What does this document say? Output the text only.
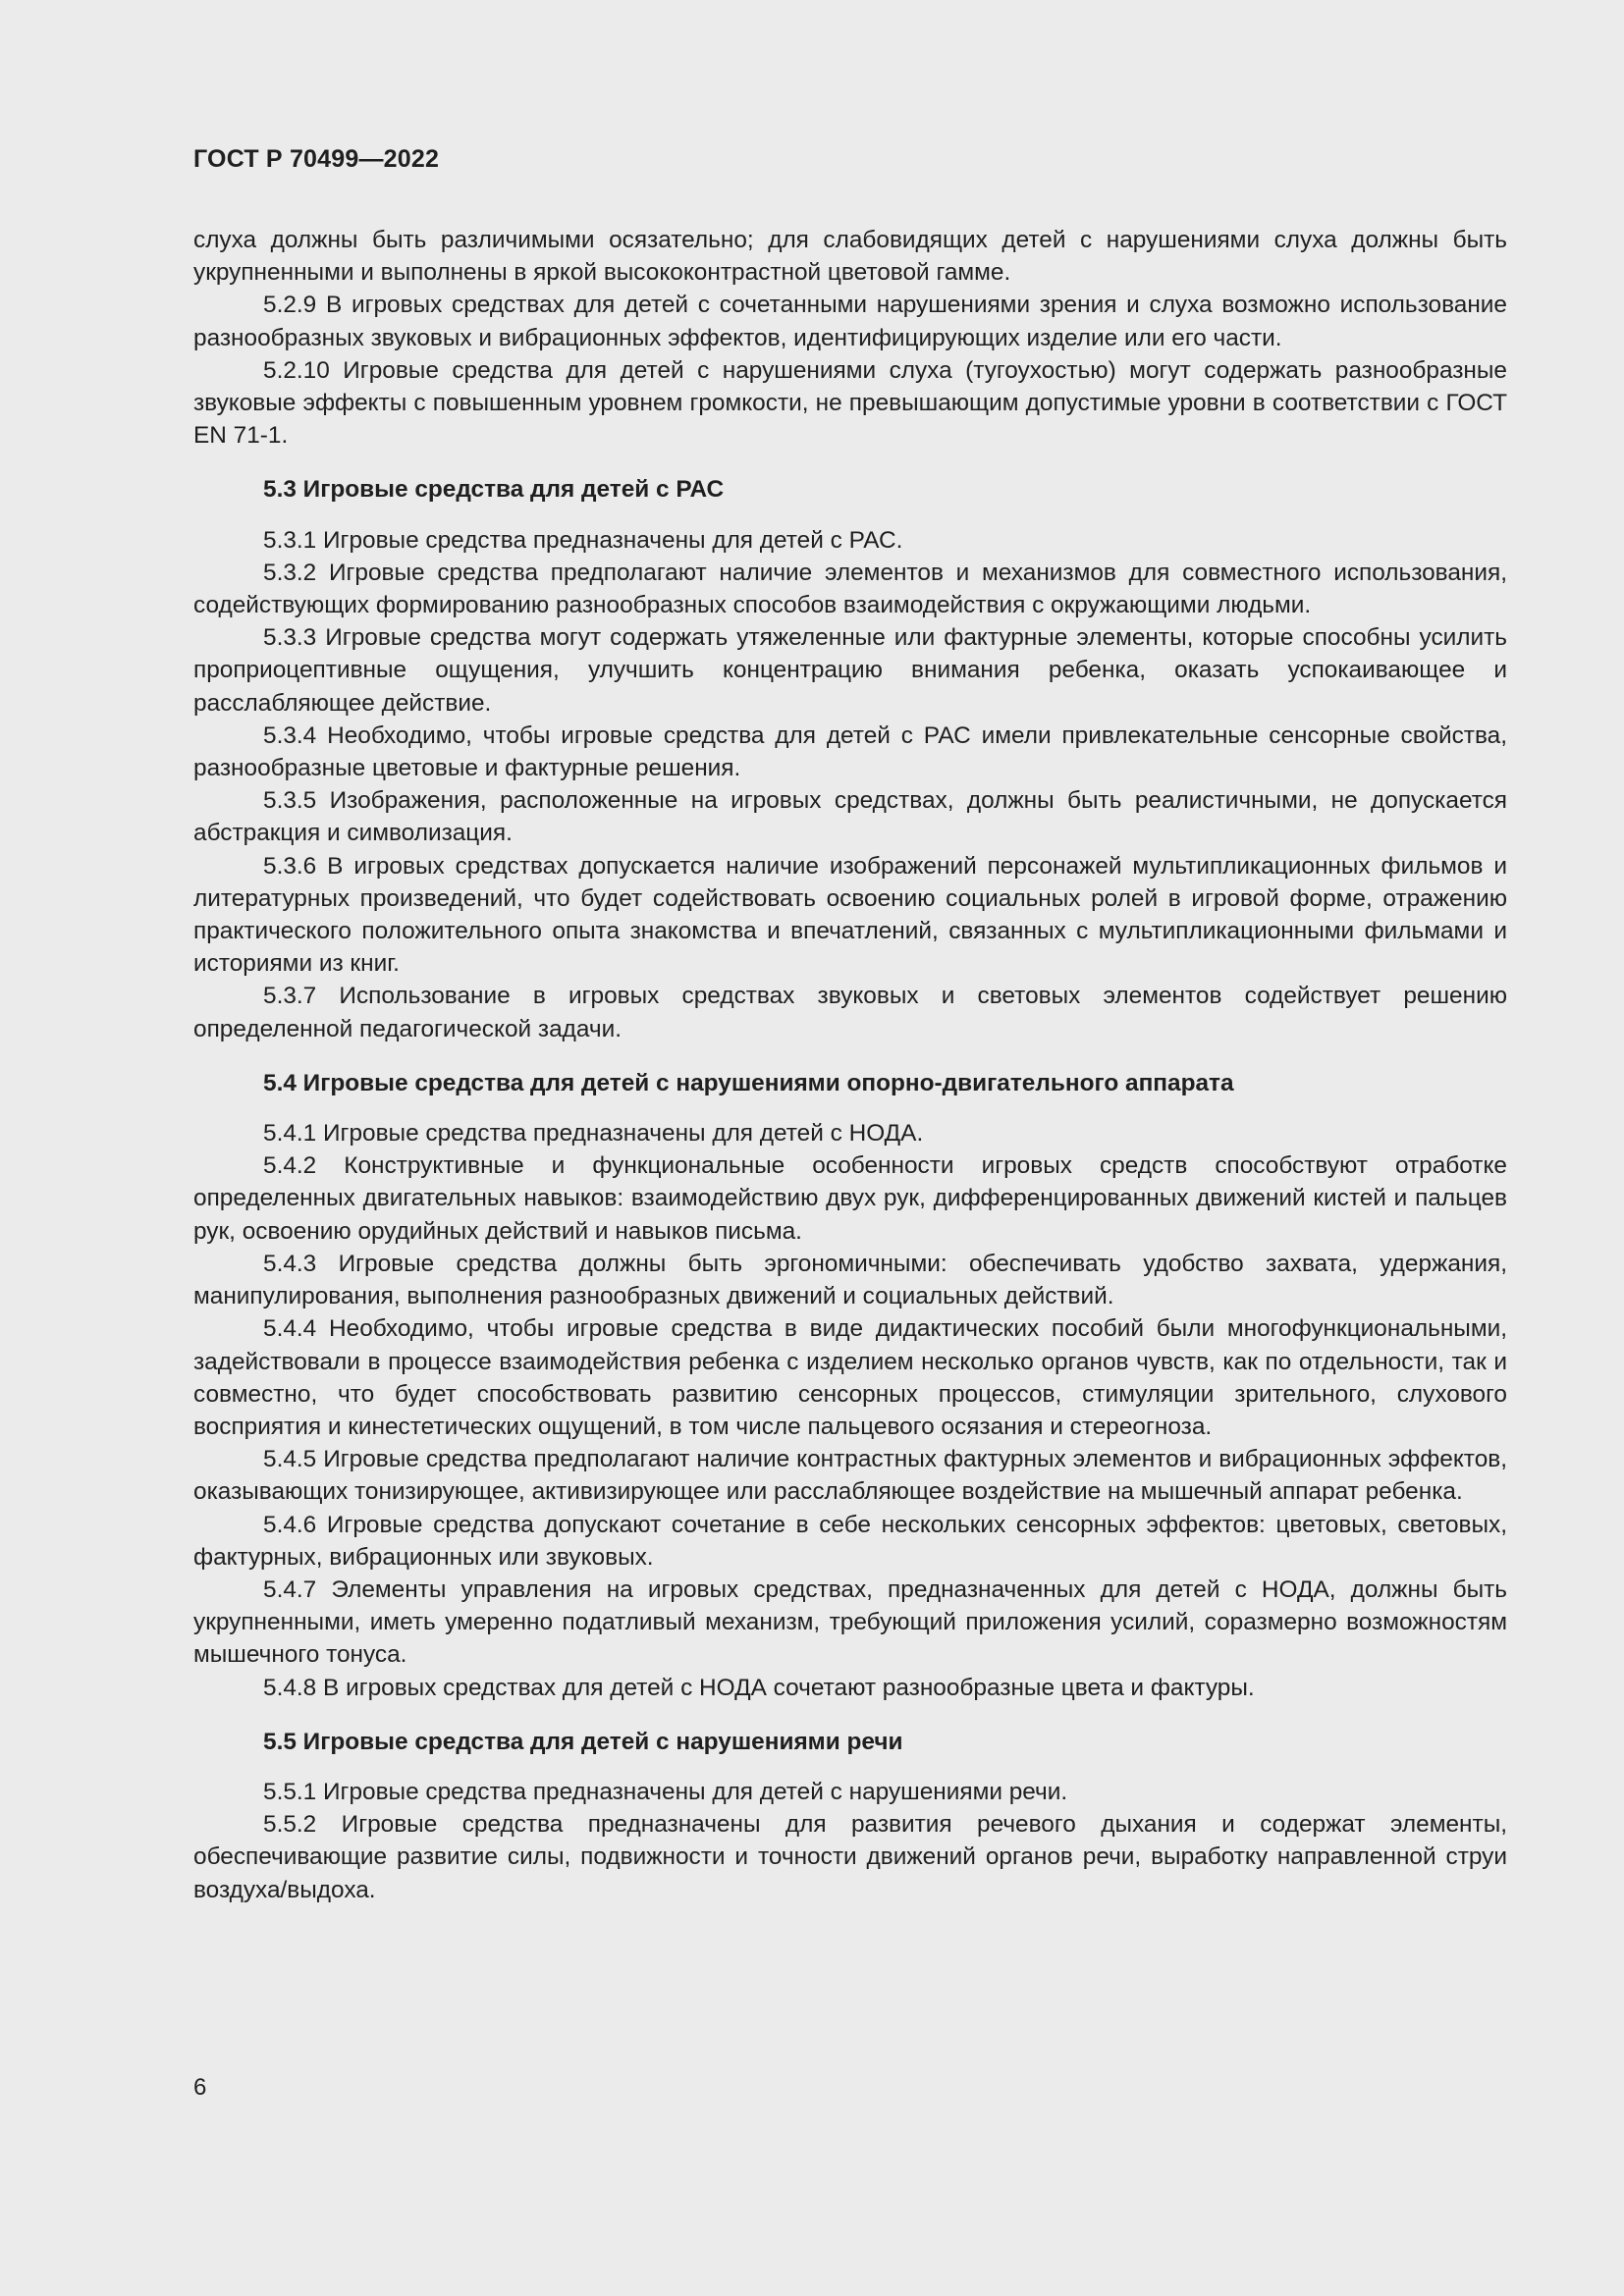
ГОСТ Р 70499—2022

слуха должны быть различимыми осязательно; для слабовидящих детей с нарушениями слуха должны быть укрупненными и выполнены в яркой высококонтрастной цветовой гамме.

5.2.9 В игровых средствах для детей с сочетанными нарушениями зрения и слуха возможно использование разнообразных звуковых и вибрационных эффектов, идентифицирующих изделие или его части.

5.2.10 Игровые средства для детей с нарушениями слуха (тугоухостью) могут содержать разнообразные звуковые эффекты с повышенным уровнем громкости, не превышающим допустимые уровни в соответствии с ГОСТ EN 71-1.

5.3 Игровые средства для детей с РАС

5.3.1 Игровые средства предназначены для детей с РАС.

5.3.2 Игровые средства предполагают наличие элементов и механизмов для совместного использования, содействующих формированию разнообразных способов взаимодействия с окружающими людьми.

5.3.3 Игровые средства могут содержать утяжеленные или фактурные элементы, которые способны усилить проприоцептивные ощущения, улучшить концентрацию внимания ребенка, оказать успокаивающее и расслабляющее действие.

5.3.4 Необходимо, чтобы игровые средства для детей с РАС имели привлекательные сенсорные свойства, разнообразные цветовые и фактурные решения.

5.3.5 Изображения, расположенные на игровых средствах, должны быть реалистичными, не допускается абстракция и символизация.

5.3.6 В игровых средствах допускается наличие изображений персонажей мультипликационных фильмов и литературных произведений, что будет содействовать освоению социальных ролей в игровой форме, отражению практического положительного опыта знакомства и впечатлений, связанных с мультипликационными фильмами и историями из книг.

5.3.7 Использование в игровых средствах звуковых и световых элементов содействует решению определенной педагогической задачи.

5.4 Игровые средства для детей с нарушениями опорно-двигательного аппарата

5.4.1 Игровые средства предназначены для детей с НОДА.

5.4.2 Конструктивные и функциональные особенности игровых средств способствуют отработке определенных двигательных навыков: взаимодействию двух рук, дифференцированных движений кистей и пальцев рук, освоению орудийных действий и навыков письма.

5.4.3 Игровые средства должны быть эргономичными: обеспечивать удобство захвата, удержания, манипулирования, выполнения разнообразных движений и социальных действий.

5.4.4 Необходимо, чтобы игровые средства в виде дидактических пособий были многофункциональными, задействовали в процессе взаимодействия ребенка с изделием несколько органов чувств, как по отдельности, так и совместно, что будет способствовать развитию сенсорных процессов, стимуляции зрительного, слухового восприятия и кинестетических ощущений, в том числе пальцевого осязания и стереогноза.

5.4.5 Игровые средства предполагают наличие контрастных фактурных элементов и вибрационных эффектов, оказывающих тонизирующее, активизирующее или расслабляющее воздействие на мышечный аппарат ребенка.

5.4.6 Игровые средства допускают сочетание в себе нескольких сенсорных эффектов: цветовых, световых, фактурных, вибрационных или звуковых.

5.4.7 Элементы управления на игровых средствах, предназначенных для детей с НОДА, должны быть укрупненными, иметь умеренно податливый механизм, требующий приложения усилий, соразмерно возможностям мышечного тонуса.

5.4.8 В игровых средствах для детей с НОДА сочетают разнообразные цвета и фактуры.

5.5 Игровые средства для детей с нарушениями речи

5.5.1 Игровые средства предназначены для детей с нарушениями речи.

5.5.2 Игровые средства предназначены для развития речевого дыхания и содержат элементы, обеспечивающие развитие силы, подвижности и точности движений органов речи, выработку направленной струи воздуха/выдоха.

6
